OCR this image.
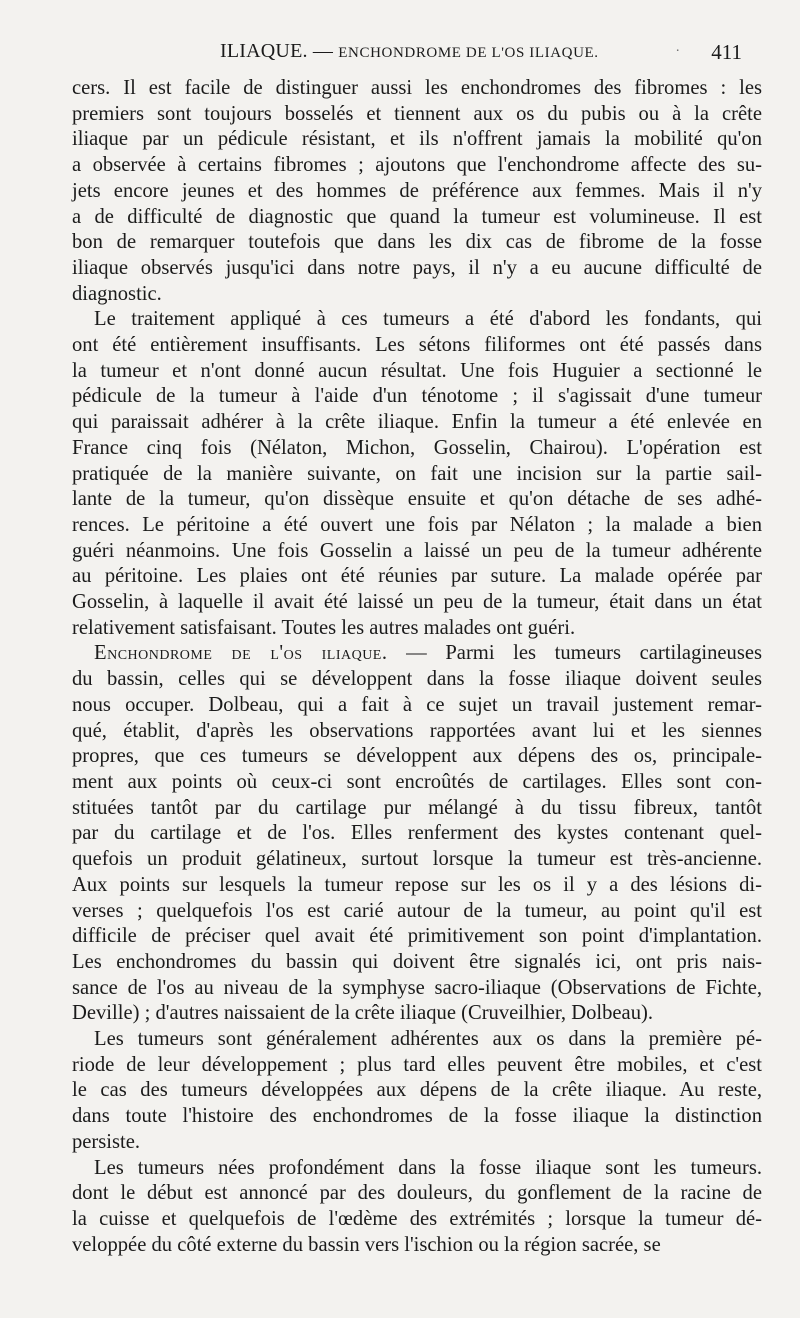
ILIAQUE. — ENCHONDROME DE L'OS ILIAQUE.	· 411

cers. Il est facile de distinguer aussi les enchondromes des fibromes : les
premiers sont toujours bosselés et tiennent aux os du pubis ou à la crête
iliaque par un pédicule résistant, et ils n'offrent jamais la mobilité qu'on
a observée à certains fibromes ; ajoutons que l'enchondrome affecte des su-
jets encore jeunes et des hommes de préférence aux femmes. Mais il n'y
a de difficulté de diagnostic que quand la tumeur est volumineuse. Il est
bon de remarquer toutefois que dans les dix cas de fibrome de la fosse
iliaque observés jusqu'ici dans notre pays, il n'y a eu aucune difficulté de
diagnostic.

Le traitement appliqué à ces tumeurs a été d'abord les fondants, qui
ont été entièrement insuffisants. Les sétons filiformes ont été passés dans
la tumeur et n'ont donné aucun résultat. Une fois Huguier a sectionné le
pédicule de la tumeur à l'aide d'un ténotome ; il s'agissait d'une tumeur
qui paraissait adhérer à la crête iliaque. Enfin la tumeur a été enlevée en
France cinq fois (Nélaton, Michon, Gosselin, Chairou). L'opération est
pratiquée de la manière suivante, on fait une incision sur la partie sail-
lante de la tumeur, qu'on dissèque ensuite et qu'on détache de ses adhé-
rences. Le péritoine a été ouvert une fois par Nélaton ; la malade a bien
guéri néanmoins. Une fois Gosselin a laissé un peu de la tumeur adhérente
au péritoine. Les plaies ont été réunies par suture. La malade opérée par
Gosselin, à laquelle il avait été laissé un peu de la tumeur, était dans un état
relativement satisfaisant. Toutes les autres malades ont guéri.

Enchondrome de l'os iliaque. — Parmi les tumeurs cartilagineuses
du bassin, celles qui se développent dans la fosse iliaque doivent seules
nous occuper. Dolbeau, qui a fait à ce sujet un travail justement remar-
qué, établit, d'après les observations rapportées avant lui et les siennes
propres, que ces tumeurs se développent aux dépens des os, principale-
ment aux points où ceux-ci sont encroûtés de cartilages. Elles sont con-
stituées tantôt par du cartilage pur mélangé à du tissu fibreux, tantôt
par du cartilage et de l'os. Elles renferment des kystes contenant quel-
quefois un produit gélatineux, surtout lorsque la tumeur est très-ancienne.
Aux points sur lesquels la tumeur repose sur les os il y a des lésions di-
verses ; quelquefois l'os est carié autour de la tumeur, au point qu'il est
difficile de préciser quel avait été primitivement son point d'implantation.
Les enchondromes du bassin qui doivent être signalés ici, ont pris nais-
sance de l'os au niveau de la symphyse sacro-iliaque (Observations de Fichte,
Deville) ; d'autres naissaient de la crête iliaque (Cruveilhier, Dolbeau).

Les tumeurs sont généralement adhérentes aux os dans la première pé-
riode de leur développement ; plus tard elles peuvent être mobiles, et c'est
le cas des tumeurs développées aux dépens de la crête iliaque. Au reste,
dans toute l'histoire des enchondromes de la fosse iliaque la distinction
persiste.

Les tumeurs nées profondément dans la fosse iliaque sont les tumeurs.
dont le début est annoncé par des douleurs, du gonflement de la racine de
la cuisse et quelquefois de l'œdème des extrémités ; lorsque la tumeur dé-
veloppée du côté externe du bassin vers l'ischion ou la région sacrée, se
